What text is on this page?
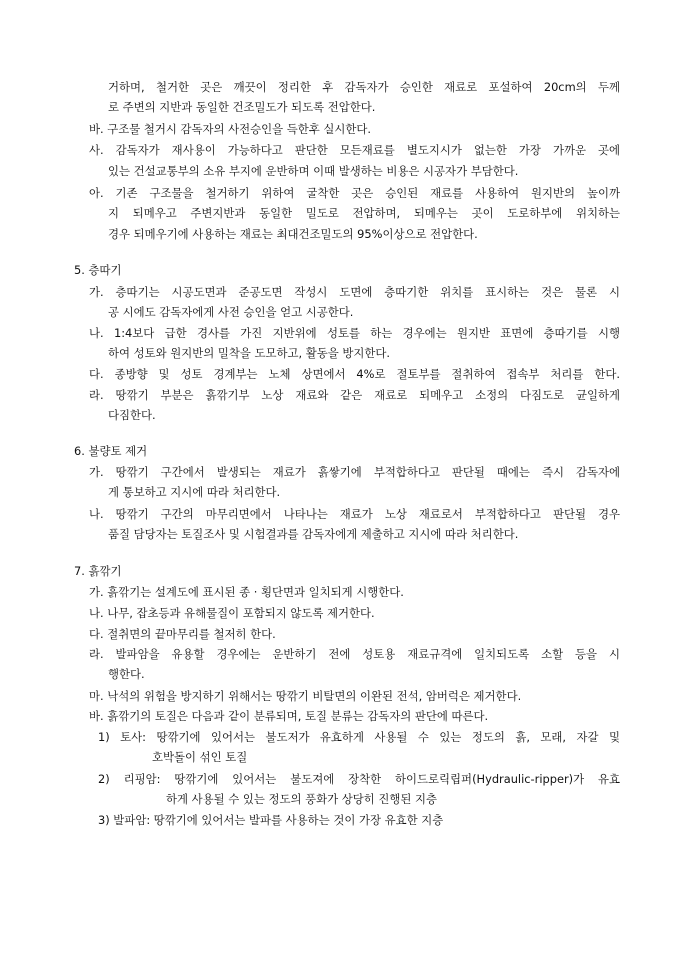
거하며, 철거한 곳은 깨끗이 정리한 후 감독자가 승인한 재료로 포설하여 20cm의 두께
로 주변의 지반과 동일한 건조밀도가 되도록 전압한다.
바. 구조물 철거시 감독자의 사전승인을 득한후 실시한다.
사. 감독자가 재사용이 가능하다고 판단한 모든재료를 별도지시가 없는한 가장 가까운 곳에
있는 건설교통부의 소유 부지에 운반하며 이때 발생하는 비용은 시공자가 부담한다.
아. 기존 구조물을 철거하기 위하여 굴착한 곳은 승인된 재료를 사용하여 원지반의 높이까
지 되메우고 주변지반과 동일한 밀도로 전압하며, 되메우는 곳이 도로하부에 위치하는
경우 되메우기에 사용하는 재료는 최대건조밀도의 95%이상으로 전압한다.
5. 층따기
가. 층따기는 시공도면과 준공도면 작성시 도면에 층따기한 위치를 표시하는 것은 물론 시
공 시에도 감독자에게 사전 승인을 얻고 시공한다.
나. 1:4보다 급한 경사를 가진 지반위에 성토를 하는 경우에는 원지반 표면에 층따기를 시행
하여 성토와 원지반의 밀착을 도모하고, 활동을 방지한다.
다. 종방향 및 성토 경계부는 노체 상면에서 4%로 절토부를 절취하여 접속부 처리를 한다.
라. 땅깎기 부분은 흙깎기부 노상 재료와 같은 재료로 되메우고 소정의 다짐도로 균일하게
다짐한다.
6. 불량토 제거
가. 땅깎기 구간에서 발생되는 재료가 흙쌓기에 부적합하다고 판단될 때에는 즉시 감독자에
게 통보하고 지시에 따라 처리한다.
나. 땅깎기 구간의 마무리면에서 나타나는 재료가 노상 재료로서 부적합하다고 판단될 경우
품질 담당자는 토질조사 및 시험결과를 감독자에게 제출하고 지시에 따라 처리한다.
7. 흙깎기
가. 흙깎기는 설계도에 표시된 종 · 횡단면과 일치되게 시행한다.
나. 나무, 잡초등과 유해물질이 포함되지 않도록 제거한다.
다. 절취면의 끝마무리를 철저히 한다.
라. 발파암을 유용할 경우에는 운반하기 전에 성토용 재료규격에 일치되도록 소할 등을 시
행한다.
마. 낙석의 위험을 방지하기 위해서는 땅깎기 비탈면의 이완된 전석, 암버럭은 제거한다.
바. 흙깎기의 토질은 다음과 같이 분류되며, 토질 분류는 감독자의 판단에 따른다.
1) 토사: 땅깎기에 있어서는 불도저가 유효하게 사용될 수 있는 정도의 흙, 모래, 자갈 및
호박돌이 섞인 토질
2) 리핑암: 땅깎기에 있어서는 불도져에 장착한 하이드로릭립퍼(Hydraulic-ripper)가 유효
하게 사용될 수 있는 정도의 풍화가 상당히 진행된 지층
3) 발파암: 땅깎기에 있어서는 발파를 사용하는 것이 가장 유효한 지층
